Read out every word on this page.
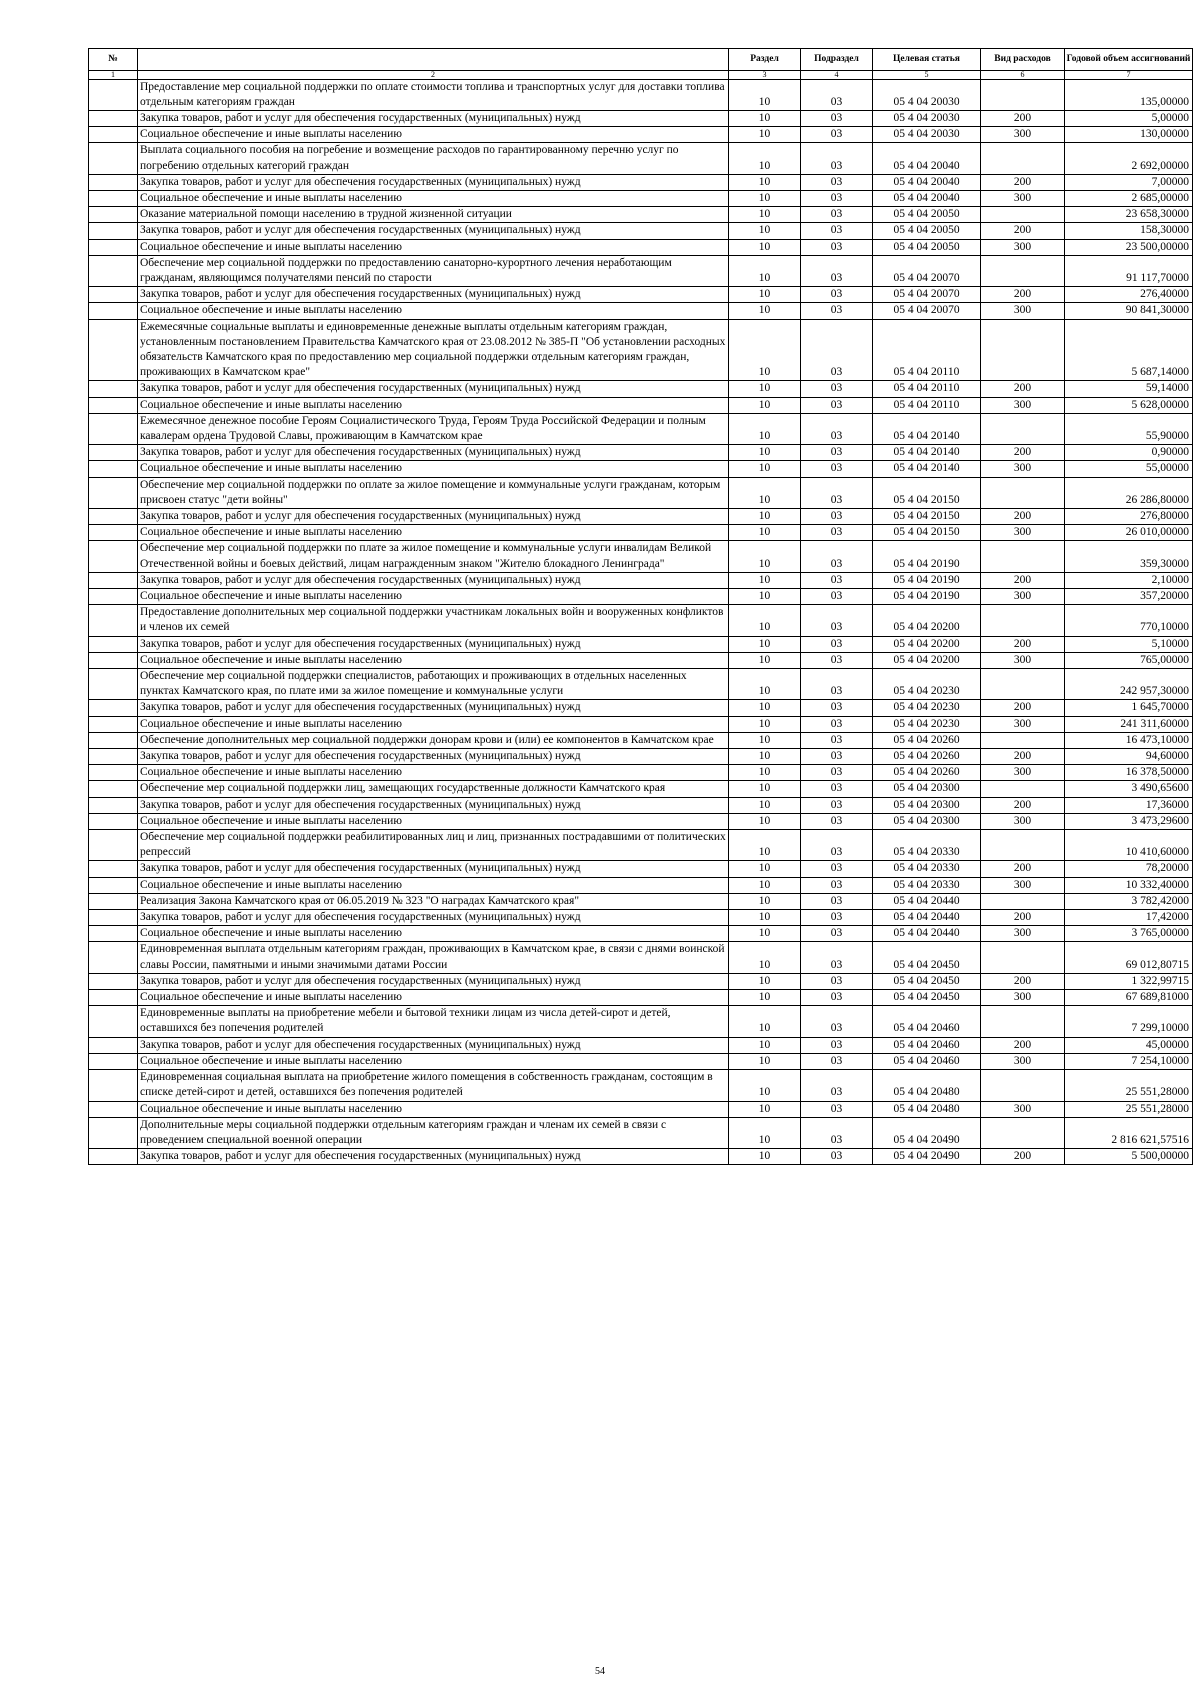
№		Раздел	Подраздел	Целевая статья	Вид расходов	Годовой объем ассигнований
1	2	3	4	5	6	7
	Предоставление мер социальной поддержки по оплате стоимости топлива и транспортных услуг для доставки топлива отдельным категориям граждан	10	03	05 4 04 20030		135,00000
	Закупка товаров, работ и услуг для обеспечения государственных (муниципальных) нужд	10	03	05 4 04 20030	200	5,00000
	Социальное обеспечение и иные выплаты населению	10	03	05 4 04 20030	300	130,00000
	Выплата социального пособия на погребение и возмещение расходов по гарантированному перечню услуг по погребению отдельных категорий граждан	10	03	05 4 04 20040		2 692,00000
	Закупка товаров, работ и услуг для обеспечения государственных (муниципальных) нужд	10	03	05 4 04 20040	200	7,00000
	Социальное обеспечение и иные выплаты населению	10	03	05 4 04 20040	300	2 685,00000
	Оказание материальной помощи населению в трудной жизненной ситуации	10	03	05 4 04 20050		23 658,30000
	Закупка товаров, работ и услуг для обеспечения государственных (муниципальных) нужд	10	03	05 4 04 20050	200	158,30000
	Социальное обеспечение и иные выплаты населению	10	03	05 4 04 20050	300	23 500,00000
	Обеспечение мер социальной поддержки по предоставлению санаторно-курортного лечения неработающим гражданам, являющимся получателями пенсий по старости	10	03	05 4 04 20070		91 117,70000
	Закупка товаров, работ и услуг для обеспечения государственных (муниципальных) нужд	10	03	05 4 04 20070	200	276,40000
	Социальное обеспечение и иные выплаты населению	10	03	05 4 04 20070	300	90 841,30000
	Ежемесячные социальные выплаты и единовременные денежные выплаты отдельным категориям граждан, установленным постановлением Правительства Камчатского края от 23.08.2012 № 385-П "Об установлении расходных обязательств Камчатского края по предоставлению мер социальной поддержки отдельным категориям граждан, проживающих в Камчатском крае"	10	03	05 4 04 20110		5 687,14000
	Закупка товаров, работ и услуг для обеспечения государственных (муниципальных) нужд	10	03	05 4 04 20110	200	59,14000
	Социальное обеспечение и иные выплаты населению	10	03	05 4 04 20110	300	5 628,00000
	Ежемесячное денежное пособие Героям Социалистического Труда, Героям Труда Российской Федерации и полным кавалерам ордена Трудовой Славы, проживающим в Камчатском крае	10	03	05 4 04 20140		55,90000
	Закупка товаров, работ и услуг для обеспечения государственных (муниципальных) нужд	10	03	05 4 04 20140	200	0,90000
	Социальное обеспечение и иные выплаты населению	10	03	05 4 04 20140	300	55,00000
	Обеспечение мер социальной поддержки по оплате за жилое помещение и коммунальные услуги гражданам, которым присвоен статус "дети войны"	10	03	05 4 04 20150		26 286,80000
	Закупка товаров, работ и услуг для обеспечения государственных (муниципальных) нужд	10	03	05 4 04 20150	200	276,80000
	Социальное обеспечение и иные выплаты населению	10	03	05 4 04 20150	300	26 010,00000
	Обеспечение мер социальной поддержки по плате за жилое помещение и коммунальные услуги инвалидам Великой Отечественной войны и боевых действий, лицам награжденным знаком "Жителю блокадного Ленинграда"	10	03	05 4 04 20190		359,30000
	Закупка товаров, работ и услуг для обеспечения государственных (муниципальных) нужд	10	03	05 4 04 20190	200	2,10000
	Социальное обеспечение и иные выплаты населению	10	03	05 4 04 20190	300	357,20000
	Предоставление дополнительных мер социальной поддержки участникам локальных войн и вооруженных конфликтов и членов их семей	10	03	05 4 04 20200		770,10000
	Закупка товаров, работ и услуг для обеспечения государственных (муниципальных) нужд	10	03	05 4 04 20200	200	5,10000
	Социальное обеспечение и иные выплаты населению	10	03	05 4 04 20200	300	765,00000
	Обеспечение мер социальной поддержки специалистов, работающих и проживающих в отдельных населенных пунктах Камчатского края, по плате ими за жилое помещение и коммунальные услуги	10	03	05 4 04 20230		242 957,30000
	Закупка товаров, работ и услуг для обеспечения государственных (муниципальных) нужд	10	03	05 4 04 20230	200	1 645,70000
	Социальное обеспечение и иные выплаты населению	10	03	05 4 04 20230	300	241 311,60000
	Обеспечение дополнительных мер социальной поддержки донорам крови и (или) ее компонентов в Камчатском крае	10	03	05 4 04 20260		16 473,10000
	Закупка товаров, работ и услуг для обеспечения государственных (муниципальных) нужд	10	03	05 4 04 20260	200	94,60000
	Социальное обеспечение и иные выплаты населению	10	03	05 4 04 20260	300	16 378,50000
	Обеспечение мер социальной поддержки лиц, замещающих государственные должности Камчатского края	10	03	05 4 04 20300		3 490,65600
	Закупка товаров, работ и услуг для обеспечения государственных (муниципальных) нужд	10	03	05 4 04 20300	200	17,36000
	Социальное обеспечение и иные выплаты населению	10	03	05 4 04 20300	300	3 473,29600
	Обеспечение мер социальной поддержки реабилитированных лиц и лиц, признанных пострадавшими от политических репрессий	10	03	05 4 04 20330		10 410,60000
	Закупка товаров, работ и услуг для обеспечения государственных (муниципальных) нужд	10	03	05 4 04 20330	200	78,20000
	Социальное обеспечение и иные выплаты населению	10	03	05 4 04 20330	300	10 332,40000
	Реализация Закона Камчатского края от 06.05.2019 № 323 "О наградах Камчатского края"	10	03	05 4 04 20440		3 782,42000
	Закупка товаров, работ и услуг для обеспечения государственных (муниципальных) нужд	10	03	05 4 04 20440	200	17,42000
	Социальное обеспечение и иные выплаты населению	10	03	05 4 04 20440	300	3 765,00000
	Единовременная выплата отдельным категориям граждан, проживающих в Камчатском крае, в связи с днями воинской славы России, памятными и иными значимыми датами России	10	03	05 4 04 20450		69 012,80715
	Закупка товаров, работ и услуг для обеспечения государственных (муниципальных) нужд	10	03	05 4 04 20450	200	1 322,99715
	Социальное обеспечение и иные выплаты населению	10	03	05 4 04 20450	300	67 689,81000
	Единовременные выплаты на приобретение мебели и бытовой техники лицам из числа детей-сирот и детей, оставшихся без попечения родителей	10	03	05 4 04 20460		7 299,10000
	Закупка товаров, работ и услуг для обеспечения государственных (муниципальных) нужд	10	03	05 4 04 20460	200	45,00000
	Социальное обеспечение и иные выплаты населению	10	03	05 4 04 20460	300	7 254,10000
	Единовременная социальная выплата на приобретение жилого помещения в собственность гражданам, состоящим в списке детей-сирот и детей, оставшихся без попечения родителей	10	03	05 4 04 20480		25 551,28000
	Социальное обеспечение и иные выплаты населению	10	03	05 4 04 20480	300	25 551,28000
	Дополнительные меры социальной поддержки отдельным категориям граждан и членам их семей в связи с проведением специальной военной операции	10	03	05 4 04 20490		2 816 621,57516
	Закупка товаров, работ и услуг для обеспечения государственных (муниципальных) нужд	10	03	05 4 04 20490	200	5 500,00000
54
